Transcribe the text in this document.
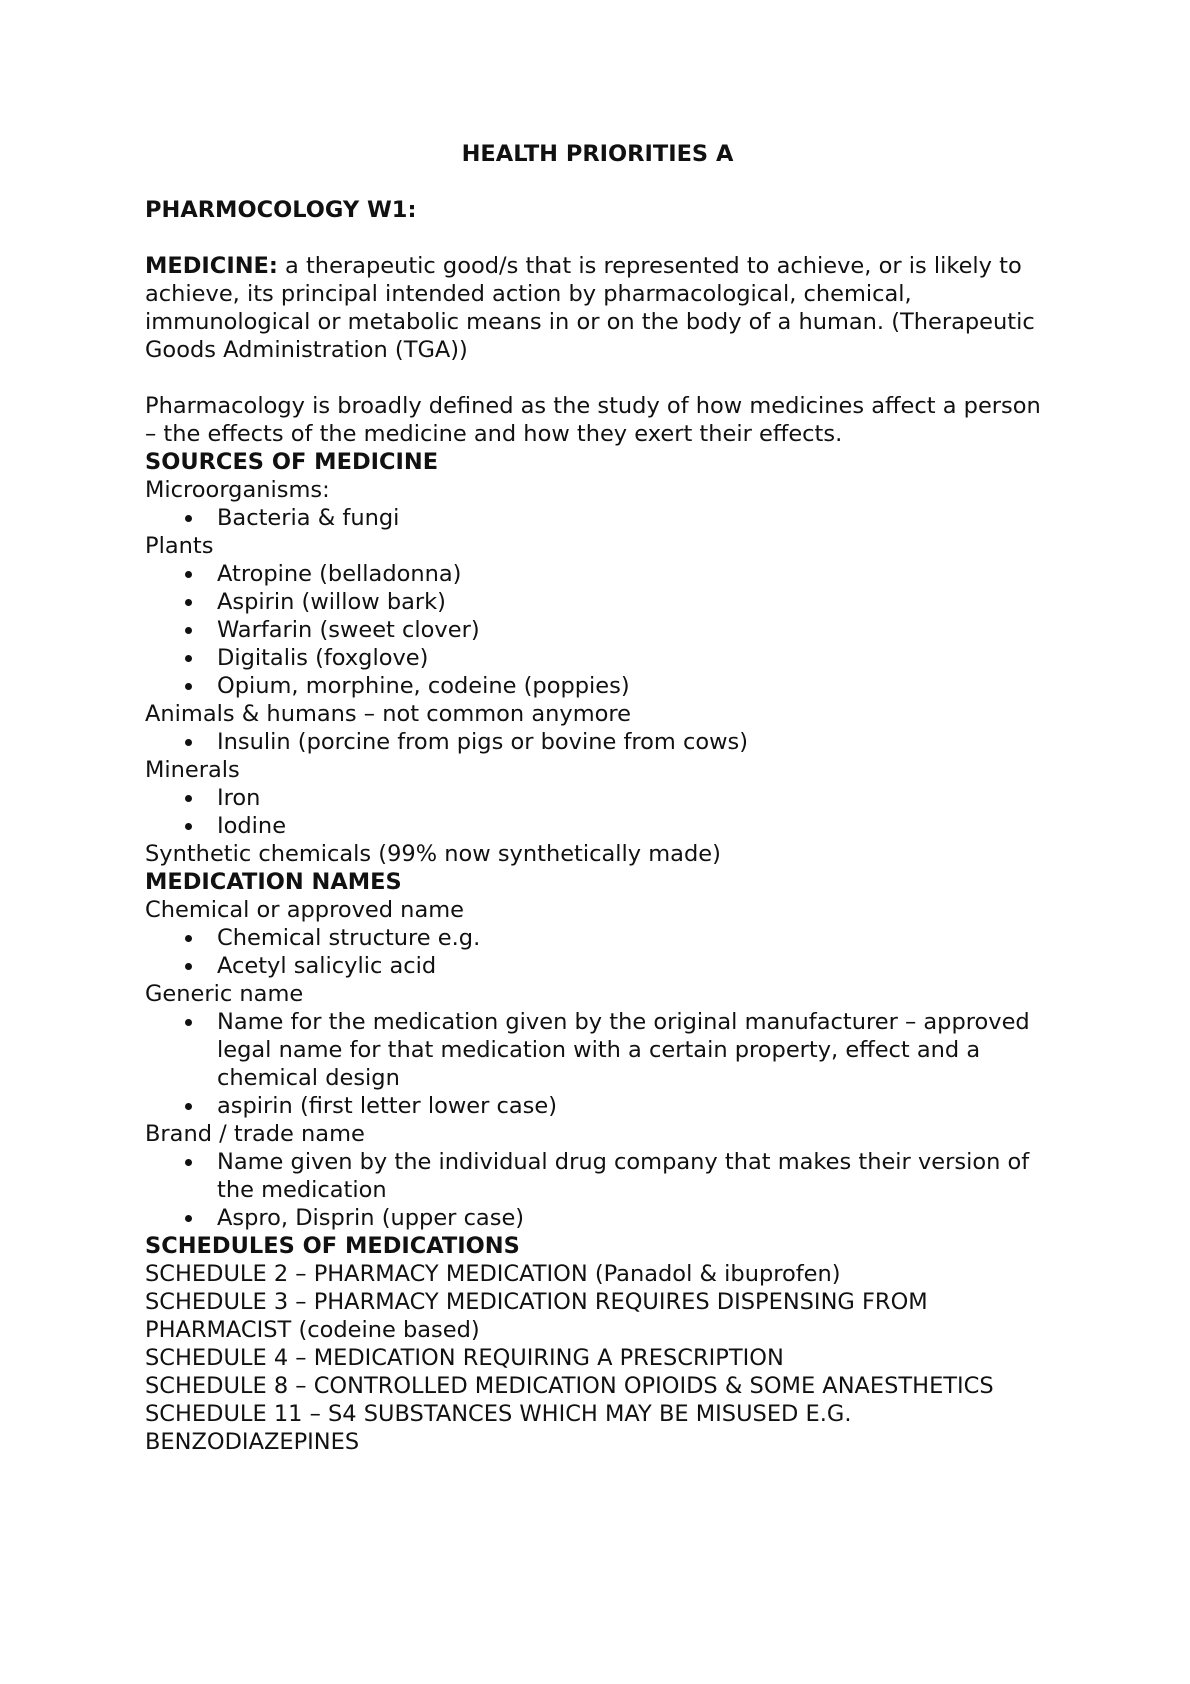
HEALTH PRIORITIES A

PHARMOCOLOGY W1:

MEDICINE: a therapeutic good/s that is represented to achieve, or is likely to achieve, its principal intended action by pharmacological, chemical, immunological or metabolic means in or on the body of a human. (Therapeutic Goods Administration (TGA))

Pharmacology is broadly defined as the study of how medicines affect a person – the effects of the medicine and how they exert their effects.

SOURCES OF MEDICINE

Microorganisms:

Bacteria & fungi

Plants

Atropine (belladonna)
Aspirin (willow bark)
Warfarin (sweet clover)
Digitalis (foxglove)
Opium, morphine, codeine (poppies)

Animals & humans – not common anymore

Insulin (porcine from pigs or bovine from cows)

Minerals

Iron
Iodine

Synthetic chemicals (99% now synthetically made)

MEDICATION NAMES

Chemical or approved name

Chemical structure e.g.
Acetyl salicylic acid

Generic name

Name for the medication given by the original manufacturer – approved legal name for that medication with a certain property, effect and a chemical design
aspirin (first letter lower case)

Brand / trade name

Name given by the individual drug company that makes their version of the medication
Aspro, Disprin (upper case)

SCHEDULES OF MEDICATIONS

SCHEDULE 2 – PHARMACY MEDICATION (Panadol & ibuprofen)

SCHEDULE 3 – PHARMACY MEDICATION REQUIRES DISPENSING FROM PHARMACIST (codeine based)

SCHEDULE 4 – MEDICATION REQUIRING A PRESCRIPTION

SCHEDULE 8 – CONTROLLED MEDICATION OPIOIDS & SOME ANAESTHETICS

SCHEDULE 11 – S4 SUBSTANCES WHICH MAY BE MISUSED E.G. BENZODIAZEPINES
